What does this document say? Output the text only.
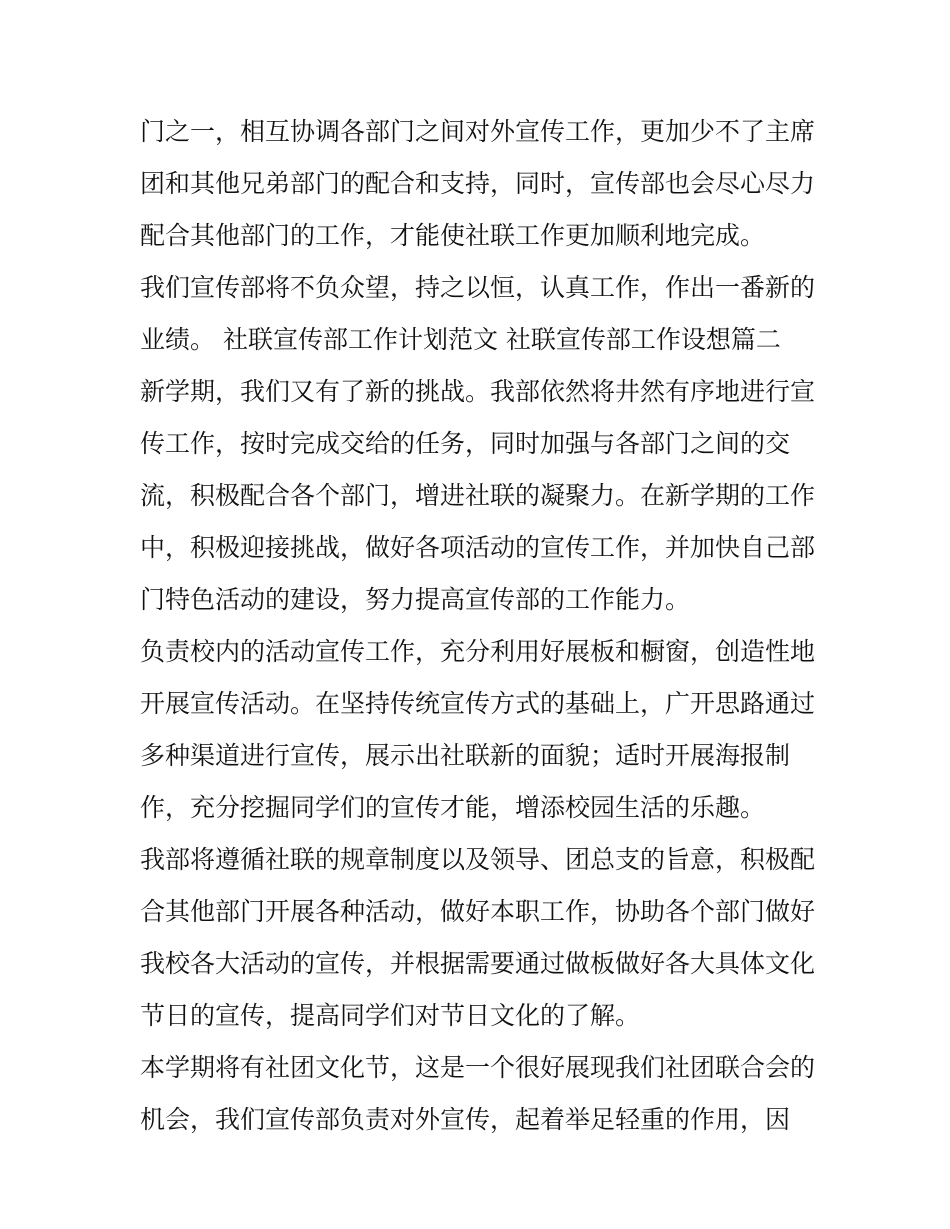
门之一，相互协调各部门之间对外宣传工作，更加少不了主席
团和其他兄弟部门的配合和支持，同时，宣传部也会尽心尽力
配合其他部门的工作，才能使社联工作更加顺利地完成。
我们宣传部将不负众望，持之以恒，认真工作，作出一番新的
业绩。 社联宣传部工作计划范文 社联宣传部工作设想篇二
新学期，我们又有了新的挑战。我部依然将井然有序地进行宣
传工作，按时完成交给的任务，同时加强与各部门之间的交
流，积极配合各个部门，增进社联的凝聚力。在新学期的工作
中，积极迎接挑战，做好各项活动的宣传工作，并加快自己部
门特色活动的建设，努力提高宣传部的工作能力。
负责校内的活动宣传工作，充分利用好展板和橱窗，创造性地
开展宣传活动。在坚持传统宣传方式的基础上，广开思路通过
多种渠道进行宣传，展示出社联新的面貌；适时开展海报制
作，充分挖掘同学们的宣传才能，增添校园生活的乐趣。
我部将遵循社联的规章制度以及领导、团总支的旨意，积极配
合其他部门开展各种活动，做好本职工作，协助各个部门做好
我校各大活动的宣传，并根据需要通过做板做好各大具体文化
节日的宣传，提高同学们对节日文化的了解。
本学期将有社团文化节，这是一个很好展现我们社团联合会的
机会，我们宣传部负责对外宣传，起着举足轻重的作用，因
